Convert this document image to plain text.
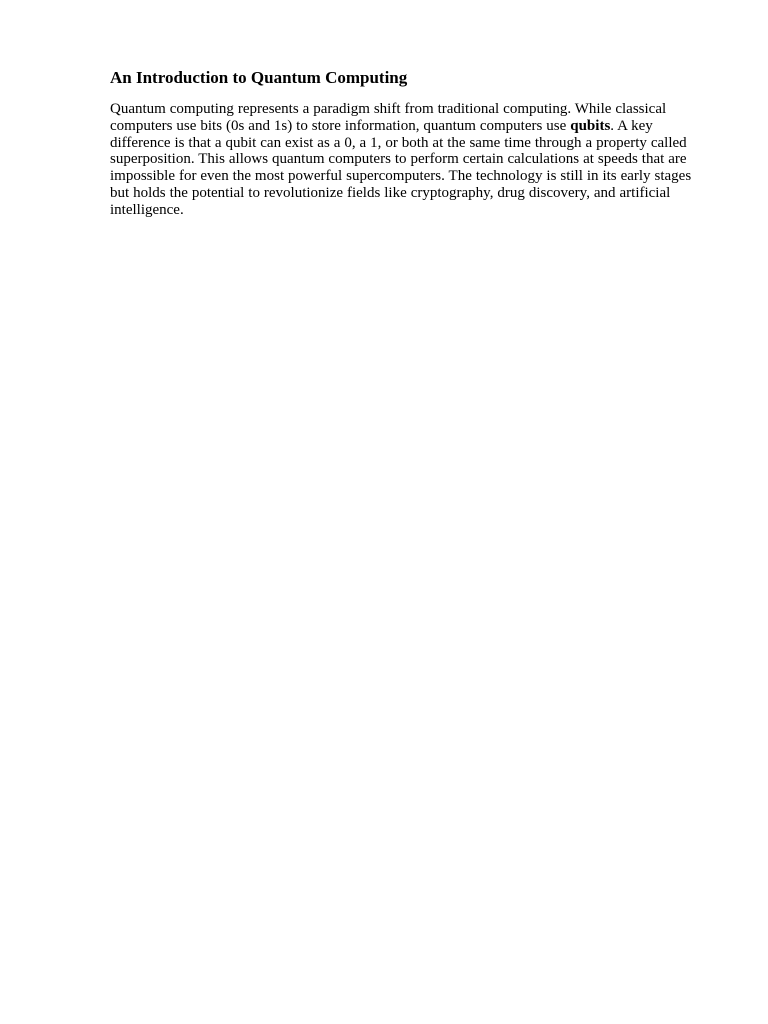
An Introduction to Quantum Computing

Quantum computing represents a paradigm shift from traditional computing. While classical computers use bits (0s and 1s) to store information, quantum computers use qubits. A key difference is that a qubit can exist as a 0, a 1, or both at the same time through a property called superposition. This allows quantum computers to perform certain calculations at speeds that are impossible for even the most powerful supercomputers. The technology is still in its early stages but holds the potential to revolutionize fields like cryptography, drug discovery, and artificial intelligence.
